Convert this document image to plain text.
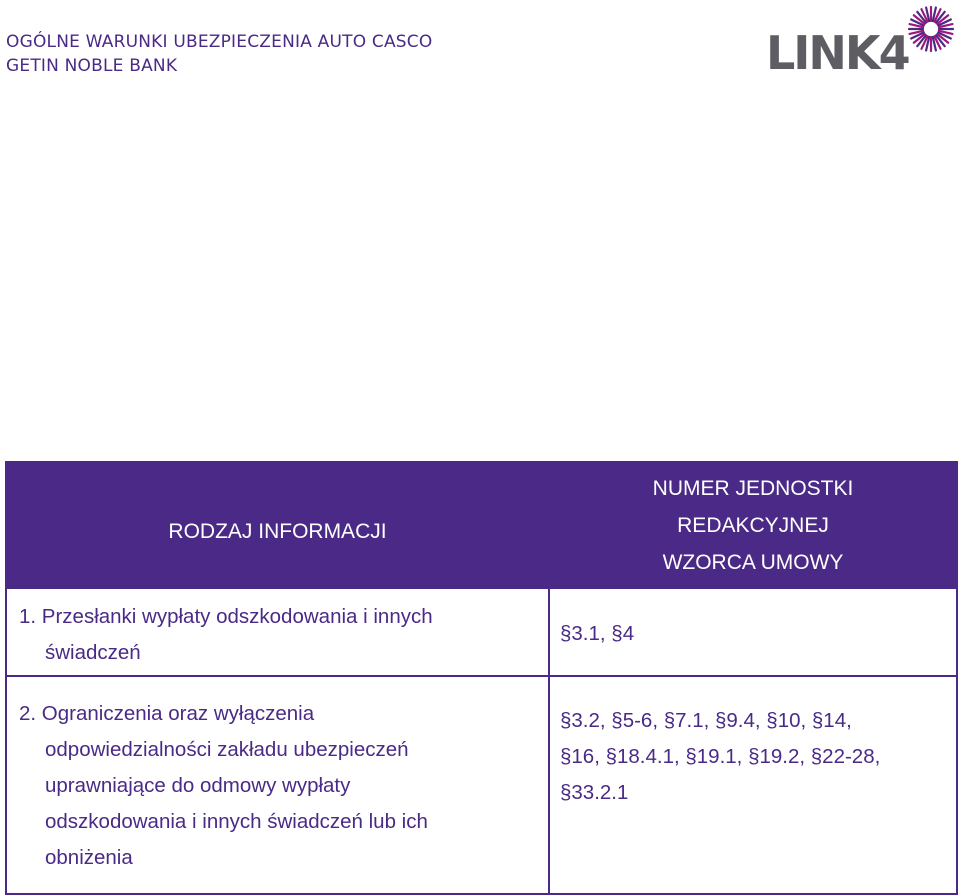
OGÓLNE WARUNKI UBEZPIECZENIA AUTO CASCO
GETIN NOBLE BANK	LINK4
RODZAJ INFORMACJI	NUMER JEDNOSTKI
REDAKCYJNEJ
WZORCA UMOWY

1. Przesłanki wypłaty odszkodowania i innych
świadczeń	§3.1, §4

2. Ograniczenia oraz wyłączenia
odpowiedzialności zakładu ubezpieczeń
uprawniające do odmowy wypłaty
odszkodowania i innych świadczeń lub ich
obniżenia	§3.2, §5-6, §7.1, §9.4, §10, §14,
§16, §18.4.1, §19.1, §19.2, §22-28,
§33.2.1
